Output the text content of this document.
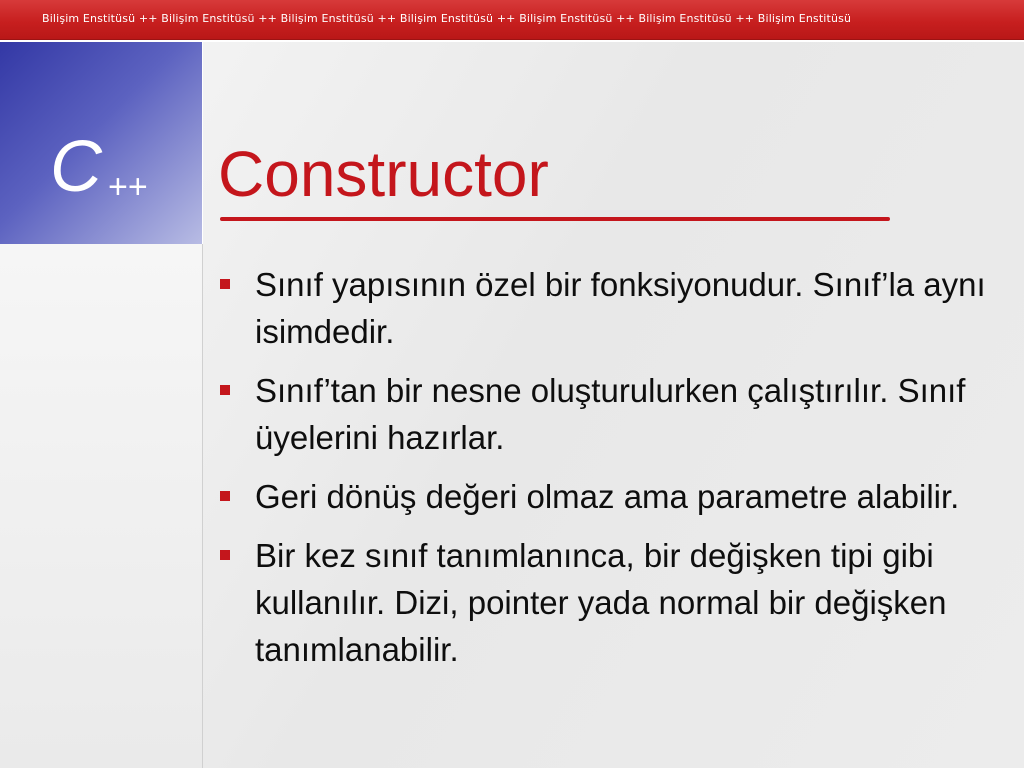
Bilişim Enstitüsü ++ Bilişim Enstitüsü ++ Bilişim Enstitüsü ++ Bilişim Enstitüsü ++ Bilişim Enstitüsü ++ Bilişim Enstitüsü ++ Bilişim Enstitüsü
C ++ Constructor
Sınıf yapısının özel bir fonksiyonudur. Sınıf’la aynı isimdedir.
Sınıf’tan bir nesne oluşturulurken çalıştırılır. Sınıf üyelerini hazırlar.
Geri dönüş değeri olmaz ama parametre alabilir.
Bir kez sınıf tanımlanınca, bir değişken tipi gibi kullanılır. Dizi, pointer yada normal bir değişken tanımlanabilir.
